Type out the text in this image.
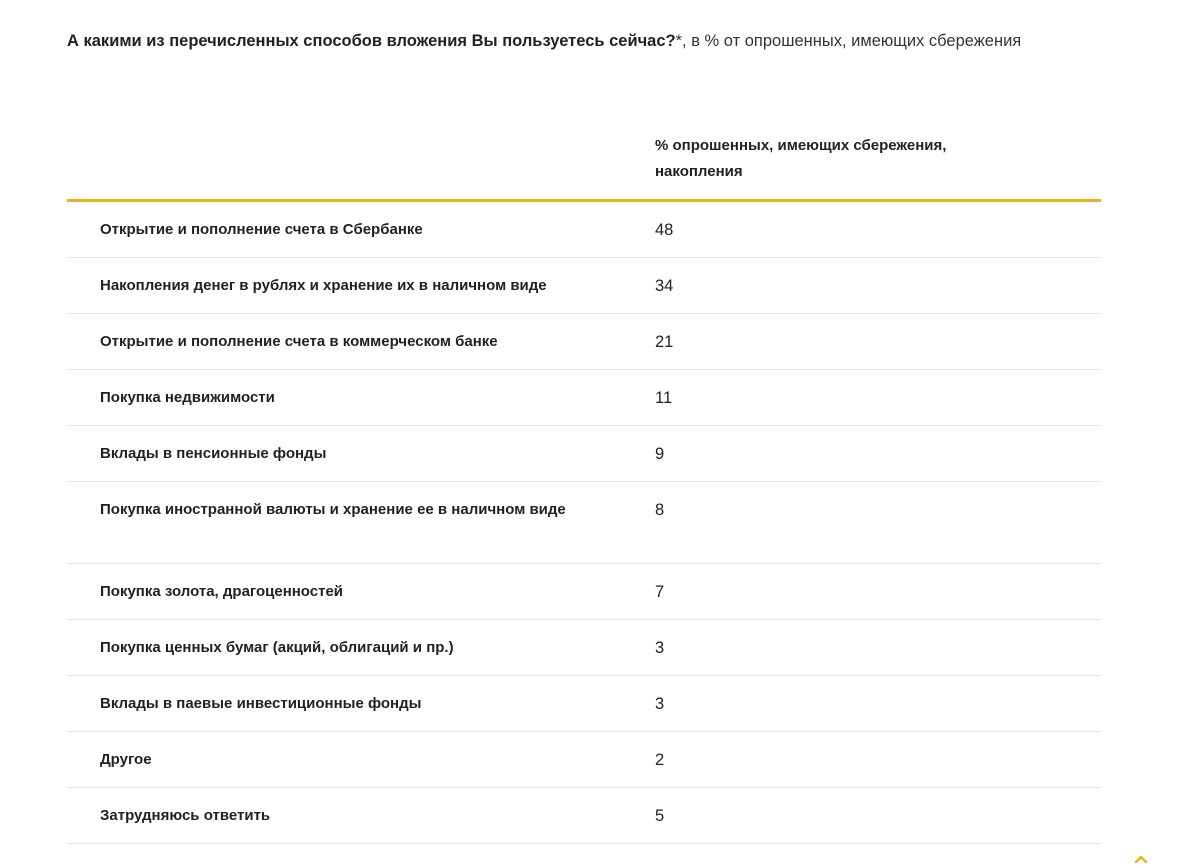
А какими из перечисленных способов вложения Вы пользуетесь сейчас?*, в % от опрошенных, имеющих сбережения
% опрошенных, имеющих сбережения, накопления
Открытие и пополнение счета в Сбербанке	48
Накопления денег в рублях и хранение их в наличном виде	34
Открытие и пополнение счета в коммерческом банке	21
Покупка недвижимости	11
Вклады в пенсионные фонды	9
Покупка иностранной валюты и хранение ее в наличном виде	8
Покупка золота, драгоценностей	7
Покупка ценных бумаг (акций, облигаций и пр.)	3
Вклады в паевые инвестиционные фонды	3
Другое	2
Затрудняюсь ответить	5
